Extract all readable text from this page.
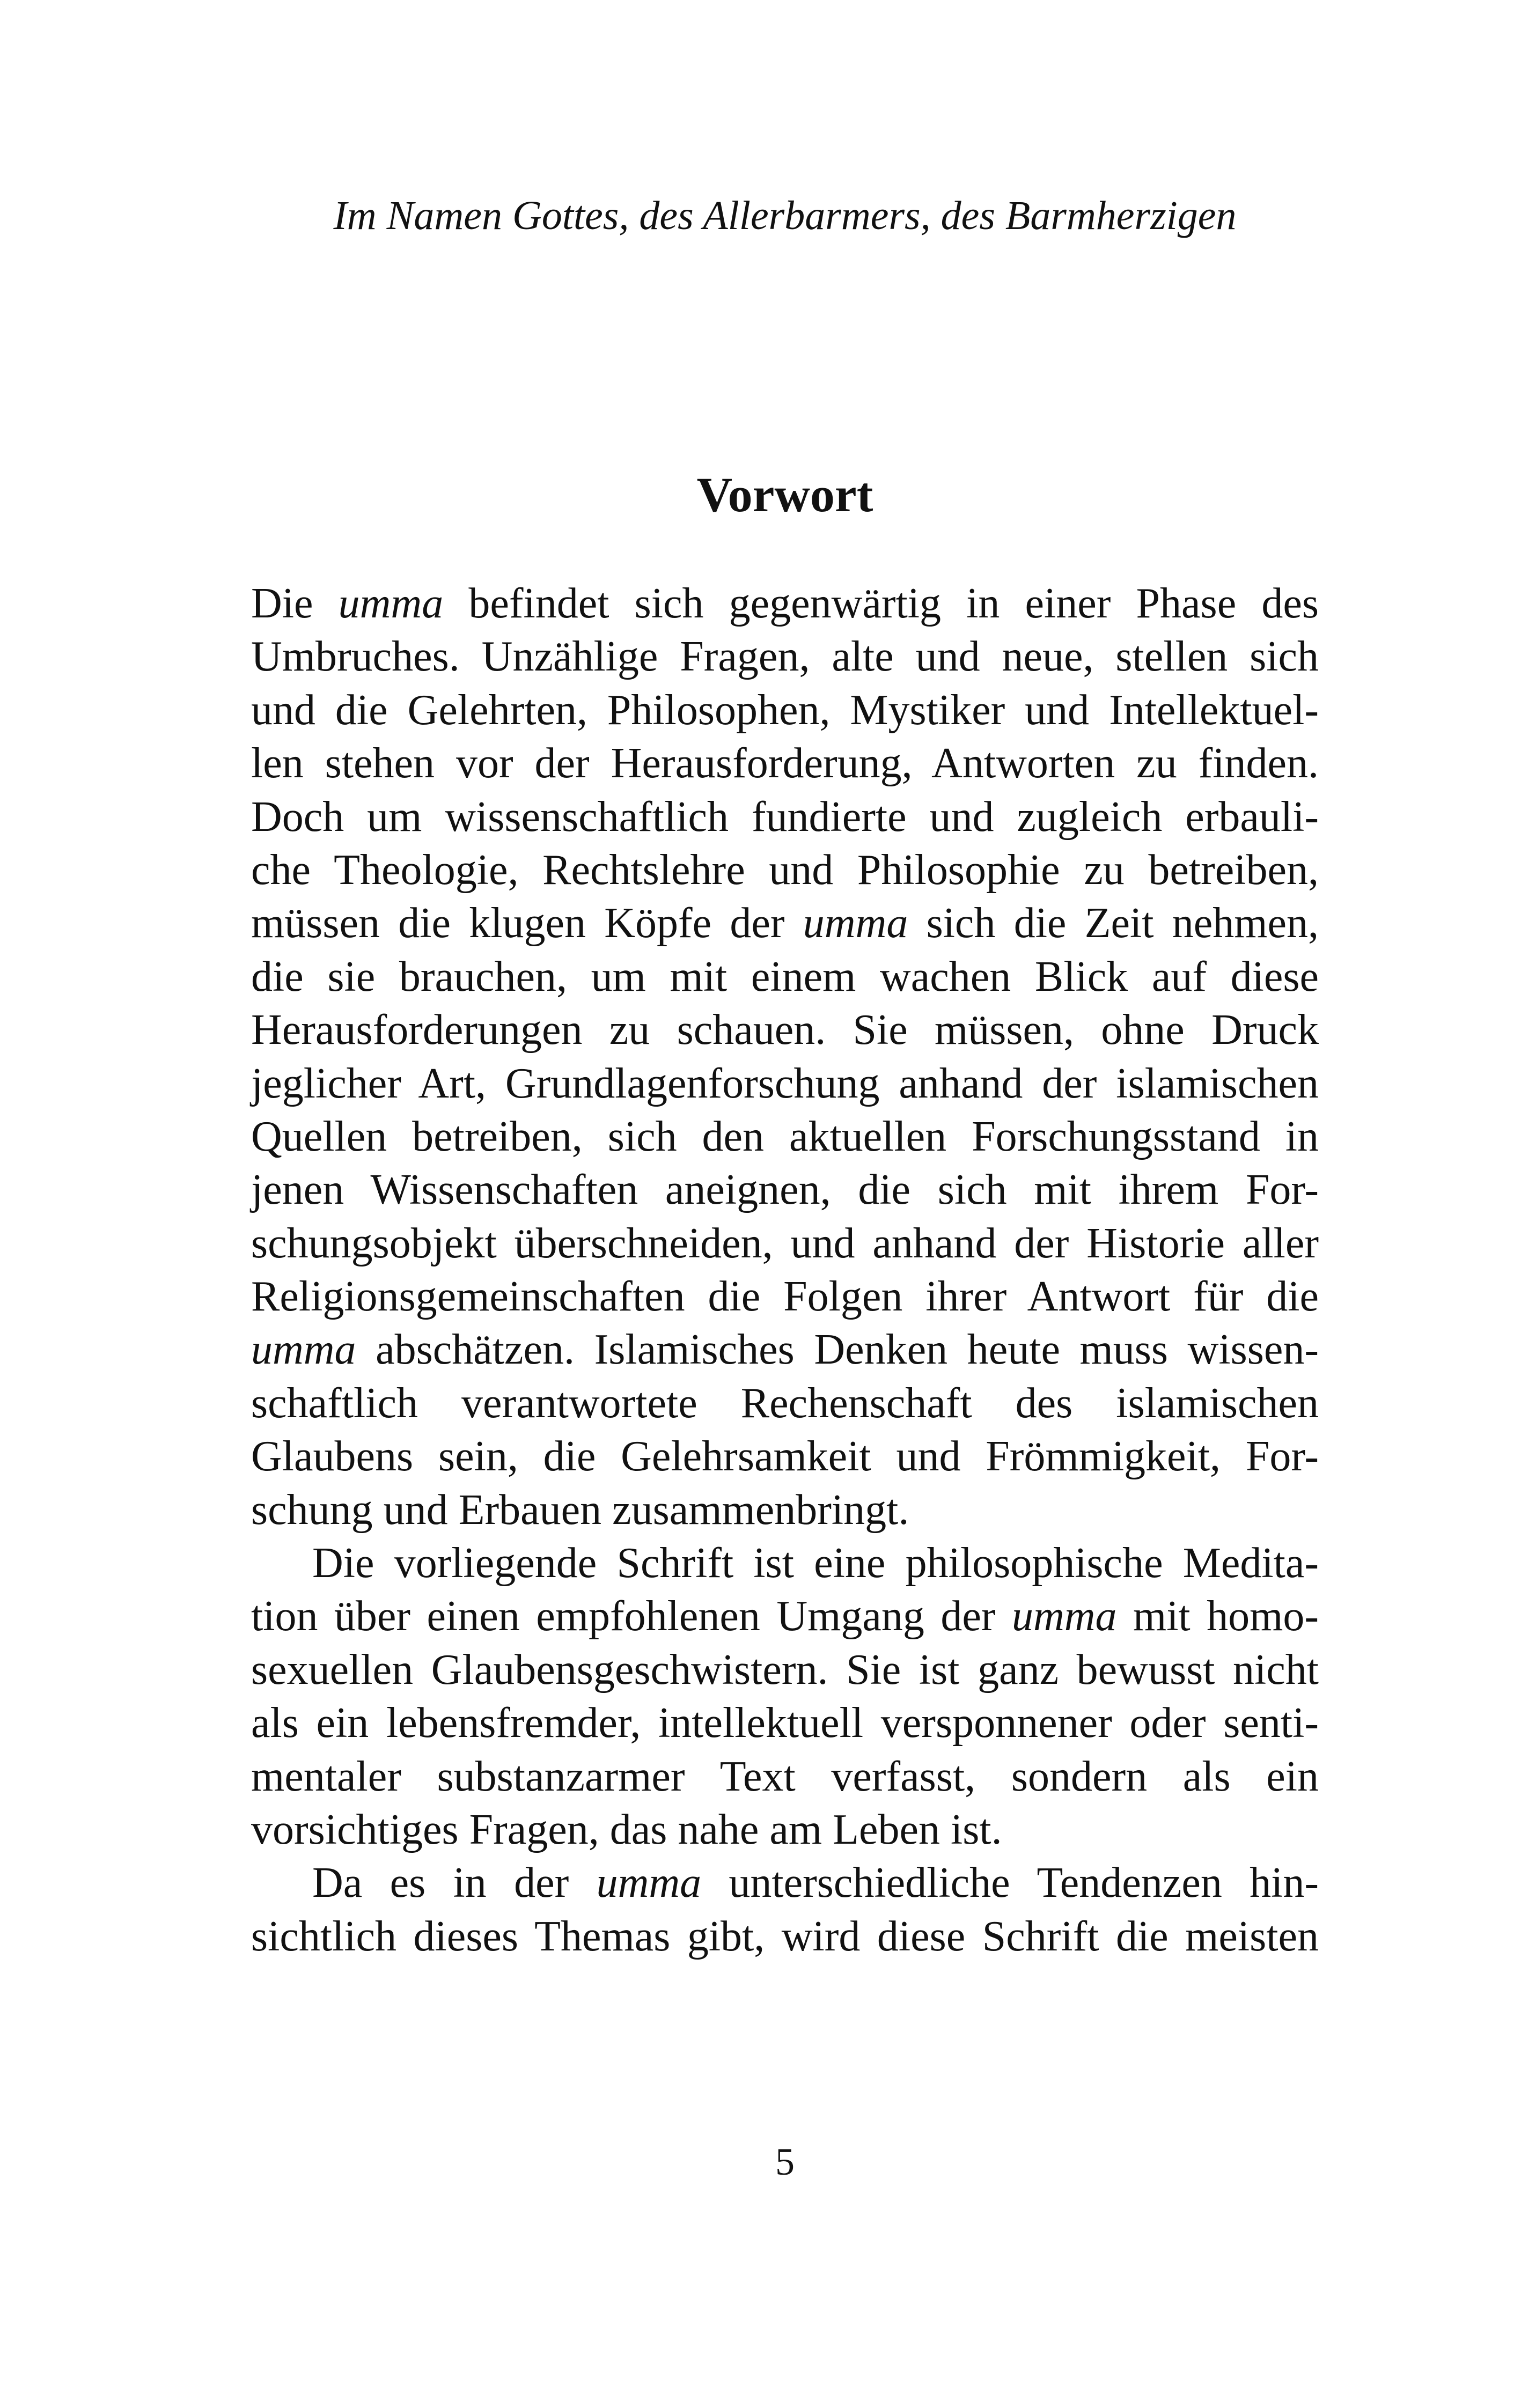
Im Namen Gottes, des Allerbarmers, des Barmherzigen

Vorwort
Die umma befindet sich gegenwärtig in einer Phase des
Umbruches. Unzählige Fragen, alte und neue, stellen sich
und die Gelehrten, Philosophen, Mystiker und Intellektuel-
len stehen vor der Herausforderung, Antworten zu finden.
Doch um wissenschaftlich fundierte und zugleich erbauli-
che Theologie, Rechtslehre und Philosophie zu betreiben,
müssen die klugen Köpfe der umma sich die Zeit nehmen,
die sie brauchen, um mit einem wachen Blick auf diese
Herausforderungen zu schauen. Sie müssen, ohne Druck
jeglicher Art, Grundlagenforschung anhand der islamischen
Quellen betreiben, sich den aktuellen Forschungsstand in
jenen Wissenschaften aneignen, die sich mit ihrem For-
schungsobjekt überschneiden, und anhand der Historie aller
Religionsgemeinschaften die Folgen ihrer Antwort für die
umma abschätzen. Islamisches Denken heute muss wissen-
schaftlich verantwortete Rechenschaft des islamischen
Glaubens sein, die Gelehrsamkeit und Frömmigkeit, For-
schung und Erbauen zusammenbringt.
Die vorliegende Schrift ist eine philosophische Medita-
tion über einen empfohlenen Umgang der umma mit homo-
sexuellen Glaubensgeschwistern. Sie ist ganz bewusst nicht
als ein lebensfremder, intellektuell versponnener oder senti-
mentaler substanzarmer Text verfasst, sondern als ein
vorsichtiges Fragen, das nahe am Leben ist.
Da es in der umma unterschiedliche Tendenzen hin-
sichtlich dieses Themas gibt, wird diese Schrift die meisten
5
